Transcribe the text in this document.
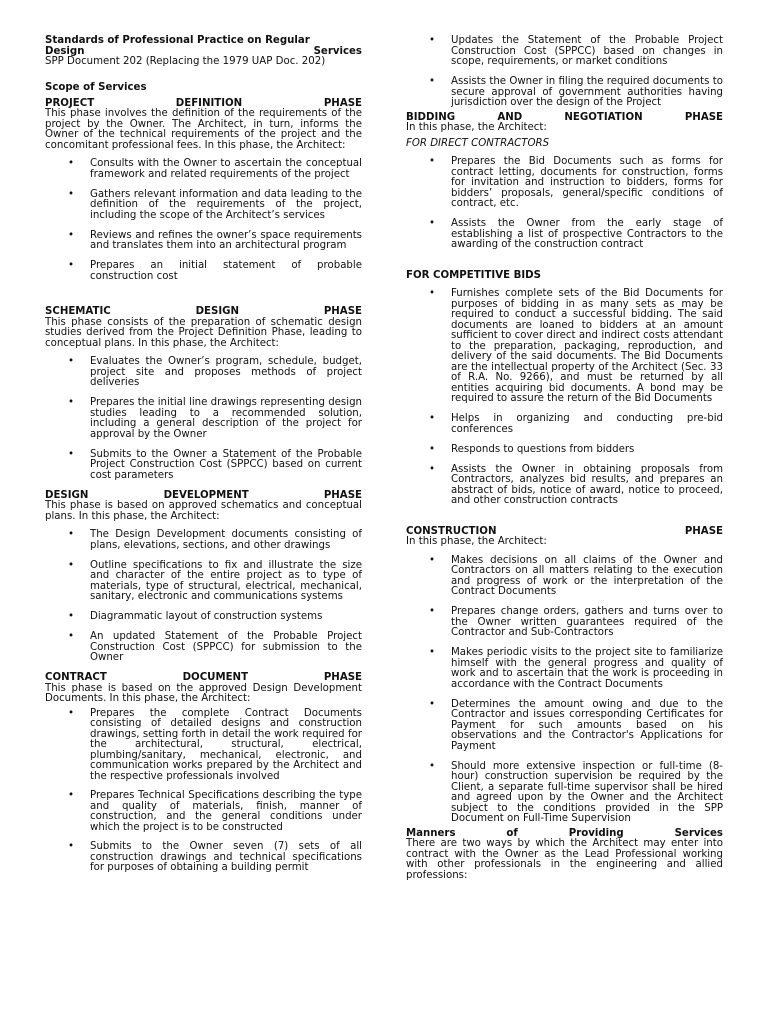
Standards of Professional Practice on Regular
Design	Services
SPP Document 202 (Replacing the 1979 UAP Doc. 202)
Scope of Services
PROJECT	DEFINITION	PHASE
This phase involves the definition of the requirements of the project by the Owner. The Architect, in turn, informs the Owner of the technical requirements of the project and the concomitant professional fees. In this phase, the Architect:
• Consults with the Owner to ascertain the conceptual framework and related requirements of the project
• Gathers relevant information and data leading to the definition of the requirements of the project, including the scope of the Architect’s services
• Reviews and refines the owner’s space requirements and translates them into an architectural program
• Prepares an initial statement of probable construction cost
SCHEMATIC	DESIGN	PHASE
This phase consists of the preparation of schematic design studies derived from the Project Definition Phase, leading to conceptual plans. In this phase, the Architect:
• Evaluates the Owner’s program, schedule, budget, project site and proposes methods of project deliveries
• Prepares the initial line drawings representing design studies leading to a recommended solution, including a general description of the project for approval by the Owner
• Submits to the Owner a Statement of the Probable Project Construction Cost (SPPCC) based on current cost parameters
DESIGN	DEVELOPMENT	PHASE
This phase is based on approved schematics and conceptual plans. In this phase, the Architect:
• The Design Development documents consisting of plans, elevations, sections, and other drawings
• Outline specifications to fix and illustrate the size and character of the entire project as to type of materials, type of structural, electrical, mechanical, sanitary, electronic and communications systems
• Diagrammatic layout of construction systems
• An updated Statement of the Probable Project Construction Cost (SPPCC) for submission to the Owner
CONTRACT	DOCUMENT	PHASE
This phase is based on the approved Design Development Documents. In this phase, the Architect:
• Prepares the complete Contract Documents consisting of detailed designs and construction drawings, setting forth in detail the work required for the architectural, structural, electrical, plumbing/sanitary, mechanical, electronic, and communication works prepared by the Architect and the respective professionals involved
• Prepares Technical Specifications describing the type and quality of materials, finish, manner of construction, and the general conditions under which the project is to be constructed
• Submits to the Owner seven (7) sets of all construction drawings and technical specifications for purposes of obtaining a building permit
• Updates the Statement of the Probable Project Construction Cost (SPPCC) based on changes in scope, requirements, or market conditions
• Assists the Owner in filing the required documents to secure approval of government authorities having jurisdiction over the design of the Project
BIDDING	AND	NEGOTIATION	PHASE
In this phase, the Architect:
FOR DIRECT CONTRACTORS
• Prepares the Bid Documents such as forms for contract letting, documents for construction, forms for invitation and instruction to bidders, forms for bidders’ proposals, general/specific conditions of contract, etc.
• Assists the Owner from the early stage of establishing a list of prospective Contractors to the awarding of the construction contract
FOR COMPETITIVE BIDS
• Furnishes complete sets of the Bid Documents for purposes of bidding in as many sets as may be required to conduct a successful bidding. The said documents are loaned to bidders at an amount sufficient to cover direct and indirect costs attendant to the preparation, packaging, reproduction, and delivery of the said documents. The Bid Documents are the intellectual property of the Architect (Sec. 33 of R.A. No. 9266), and must be returned by all entities acquiring bid documents. A bond may be required to assure the return of the Bid Documents
• Helps in organizing and conducting pre-bid conferences
• Responds to questions from bidders
• Assists the Owner in obtaining proposals from Contractors, analyzes bid results, and prepares an abstract of bids, notice of award, notice to proceed, and other construction contracts
CONSTRUCTION	PHASE
In this phase, the Architect:
• Makes decisions on all claims of the Owner and Contractors on all matters relating to the execution and progress of work or the interpretation of the Contract Documents
• Prepares change orders, gathers and turns over to the Owner written guarantees required of the Contractor and Sub-Contractors
• Makes periodic visits to the project site to familiarize himself with the general progress and quality of work and to ascertain that the work is proceeding in accordance with the Contract Documents
• Determines the amount owing and due to the Contractor and issues corresponding Certificates for Payment for such amounts based on his observations and the Contractor's Applications for Payment
• Should more extensive inspection or full-time (8-hour) construction supervision be required by the Client, a separate full-time supervisor shall be hired and agreed upon by the Owner and the Architect subject to the conditions provided in the SPP Document on Full-Time Supervision
Manners	of	Providing	Services
There are two ways by which the Architect may enter into contract with the Owner as the Lead Professional working with other professionals in the engineering and allied professions:
